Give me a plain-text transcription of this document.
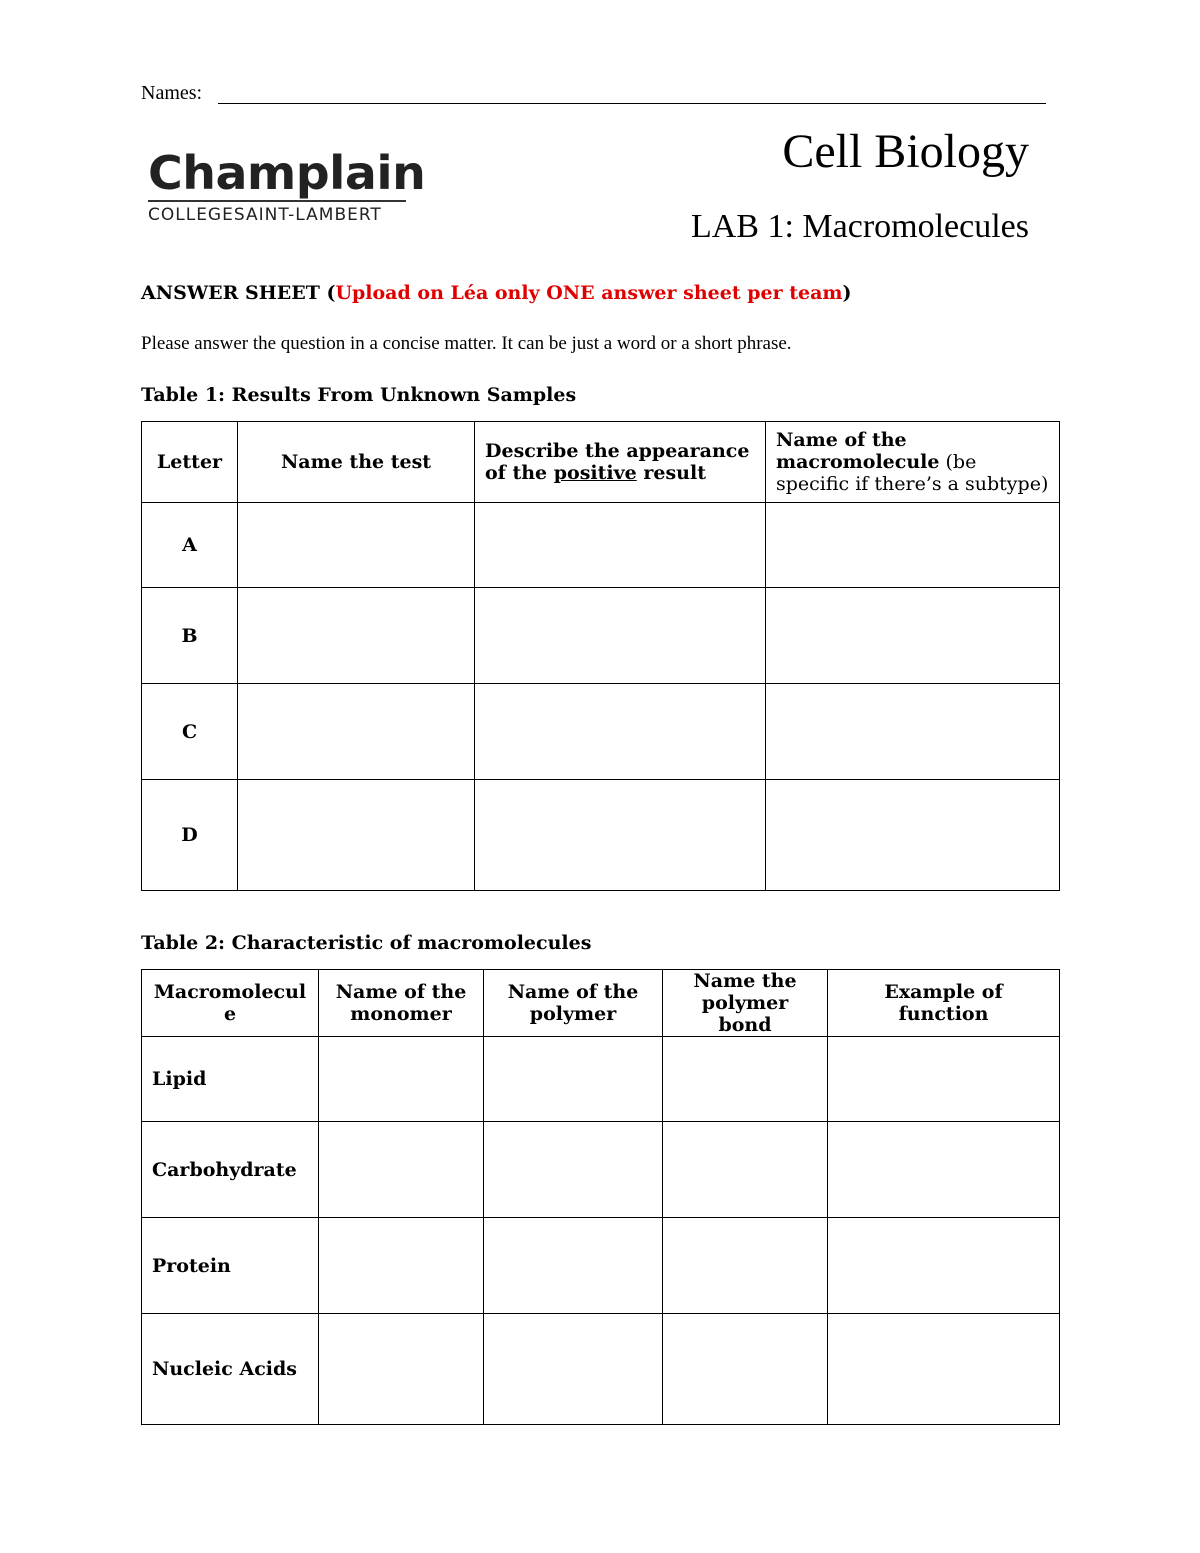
Names:
Champlain
COLLEGESAINT-LAMBERT
Cell Biology
LAB 1: Macromolecules
ANSWER SHEET (Upload on Léa only ONE answer sheet per team)
Please answer the question in a concise matter. It can be just a word or a short phrase.
Table 1: Results From Unknown Samples
Letter	Name the test	Describe the appearance of the positive result	Name of the macromolecule (be specific if there’s a subtype)
A			
B			
C			
D			
Table 2: Characteristic of macromolecules
Macromolecul e	Name of the monomer	Name of the polymer	Name the polymer bond	Example of function
Lipid				
Carbohydrate				
Protein				
Nucleic Acids				
